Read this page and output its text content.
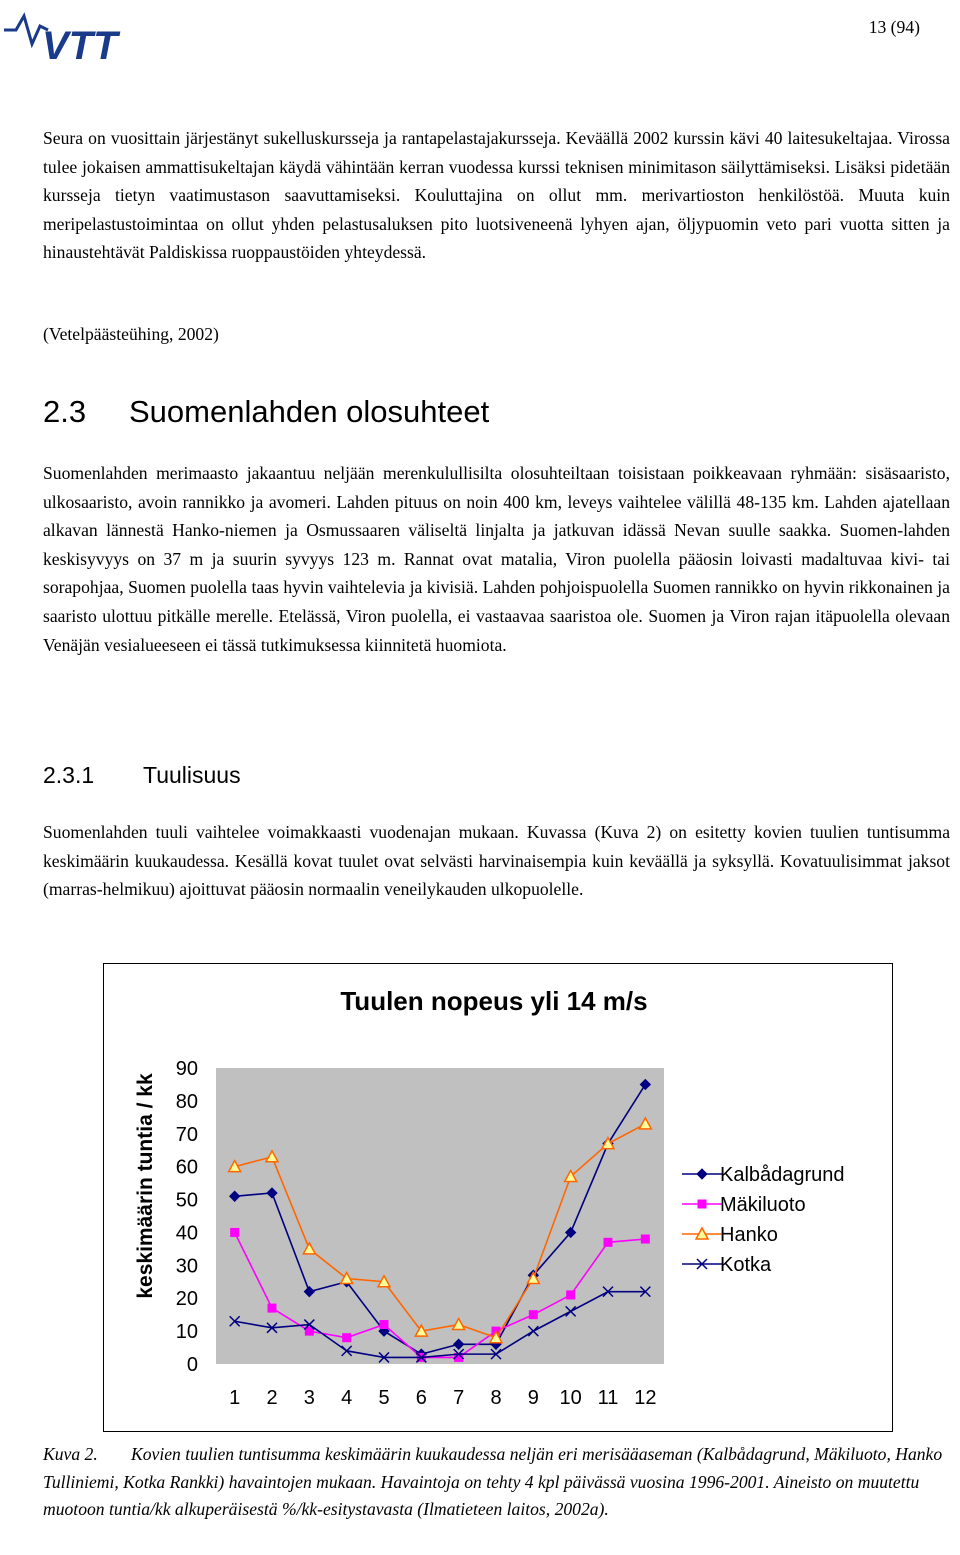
VTT	13 (94)

Seura on vuosittain järjestänyt sukelluskursseja ja rantapelastajakursseja. Keväällä 2002 kurssin kävi 40 laitesukeltajaa. Virossa tulee jokaisen ammattisukeltajan käydä vähintään kerran vuodessa kurssi teknisen minimitason säilyttämiseksi. Lisäksi pidetään kursseja tietyn vaatimustason saavuttamiseksi. Kouluttajina on ollut mm. merivartioston henkilöstöä. Muuta kuin meripelastustoimintaa on ollut yhden pelastusaluksen pito luotsiveneenä lyhyen ajan, öljypuomin veto pari vuotta sitten ja hinaustehtävät Paldiskissa ruoppaustöiden yhteydessä.

(Vetelpäästeühing, 2002)

2.3 Suomenlahden olosuhteet

Suomenlahden merimaasto jakaantuu neljään merenkulullisilta olosuhteiltaan toisistaan poikkeavaan ryhmään: sisäsaaristo, ulkosaaristo, avoin rannikko ja avomeri. Lahden pituus on noin 400 km, leveys vaihtelee välillä 48-135 km. Lahden ajatellaan alkavan lännestä Hanko-niemen ja Osmussaaren väliseltä linjalta ja jatkuvan idässä Nevan suulle saakka. Suomen-lahden keskisyvyys on 37 m ja suurin syvyys 123 m. Rannat ovat matalia, Viron puolella pääosin loivasti madaltuvaa kivi- tai sorapohjaa, Suomen puolella taas hyvin vaihtelevia ja kivisiä. Lahden pohjoispuolella Suomen rannikko on hyvin rikkonainen ja saaristo ulottuu pitkälle merelle. Etelässä, Viron puolella, ei vastaavaa saaristoa ole. Suomen ja Viron rajan itäpuolella olevaan Venäjän vesialueeseen ei tässä tutkimuksessa kiinnitetä huomiota.

2.3.1 Tuulisuus

Suomenlahden tuuli vaihtelee voimakkaasti vuodenajan mukaan. Kuvassa (Kuva 2) on esitetty kovien tuulien tuntisumma keskimäärin kuukaudessa. Kesällä kovat tuulet ovat selvästi harvinaisempia kuin keväällä ja syksyllä. Kovatuulisimmat jaksot (marras-helmikuu) ajoittuvat pääosin normaalin veneilykauden ulkopuolelle.

Tuulen nopeus yli 14 m/s
keskimäärin tuntia / kk
0
10
20
30
40
50
60
70
80
90
1 2 3 4 5 6 7 8 9 10 11 12
Kalbådagrund
Mäkiluoto
Hanko
Kotka

Kuva 2. Kovien tuulien tuntisumma keskimäärin kuukaudessa neljän eri merisääaseman (Kalbådagrund, Mäkiluoto, Hanko Tulliniemi, Kotka Rankki) havaintojen mukaan. Havaintoja on tehty 4 kpl päivässä vuosina 1996-2001. Aineisto on muutettu muotoon tuntia/kk alkuperäisestä %/kk-esitystavasta (Ilmatieteen laitos, 2002a).
